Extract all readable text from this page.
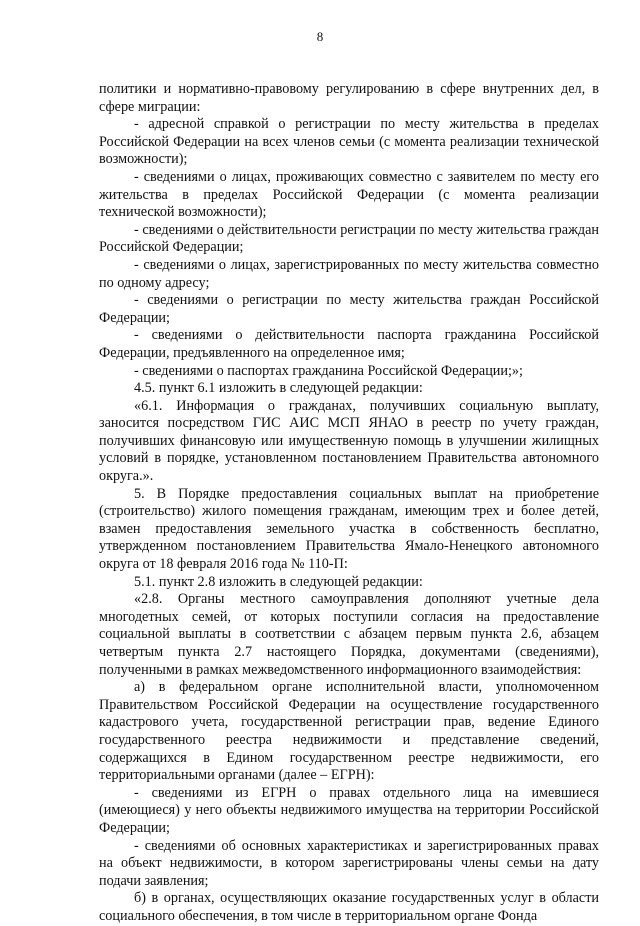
8

политики и нормативно-правовому регулированию в сфере внутренних дел, в сфере миграции:

- адресной справкой о регистрации по месту жительства в пределах Российской Федерации на всех членов семьи (с момента реализации технической возможности);

- сведениями о лицах, проживающих совместно с заявителем по месту его жительства в пределах Российской Федерации (с момента реализации технической возможности);

- сведениями о действительности регистрации по месту жительства граждан Российской Федерации;

- сведениями о лицах, зарегистрированных по месту жительства совместно по одному адресу;

- сведениями о регистрации по месту жительства граждан Российской Федерации;

- сведениями о действительности паспорта гражданина Российской Федерации, предъявленного на определенное имя;

- сведениями о паспортах гражданина Российской Федерации;»;

4.5. пункт 6.1 изложить в следующей редакции:

«6.1. Информация о гражданах, получивших социальную выплату, заносится посредством ГИС АИС МСП ЯНАО в реестр по учету граждан, получивших финансовую или имущественную помощь в улучшении жилищных условий в порядке, установленном постановлением Правительства автономного округа.».

5. В Порядке предоставления социальных выплат на приобретение (строительство) жилого помещения гражданам, имеющим трех и более детей, взамен предоставления земельного участка в собственность бесплатно, утвержденном постановлением Правительства Ямало-Ненецкого автономного округа от 18 февраля 2016 года № 110-П:

5.1. пункт 2.8 изложить в следующей редакции:

«2.8. Органы местного самоуправления дополняют учетные дела многодетных семей, от которых поступили согласия на предоставление социальной выплаты в соответствии с абзацем первым пункта 2.6, абзацем четвертым пункта 2.7 настоящего Порядка, документами (сведениями), полученными в рамках межведомственного информационного взаимодействия:

а) в федеральном органе исполнительной власти, уполномоченном Правительством Российской Федерации на осуществление государственного кадастрового учета, государственной регистрации прав, ведение Единого государственного реестра недвижимости и представление сведений, содержащихся в Едином государственном реестре недвижимости, его территориальными органами (далее – ЕГРН):

- сведениями из ЕГРН о правах отдельного лица на имевшиеся (имеющиеся) у него объекты недвижимого имущества на территории Российской Федерации;

- сведениями об основных характеристиках и зарегистрированных правах на объект недвижимости, в котором зарегистрированы члены семьи на дату подачи заявления;

б) в органах, осуществляющих оказание государственных услуг в области социального обеспечения, в том числе в территориальном органе Фонда
